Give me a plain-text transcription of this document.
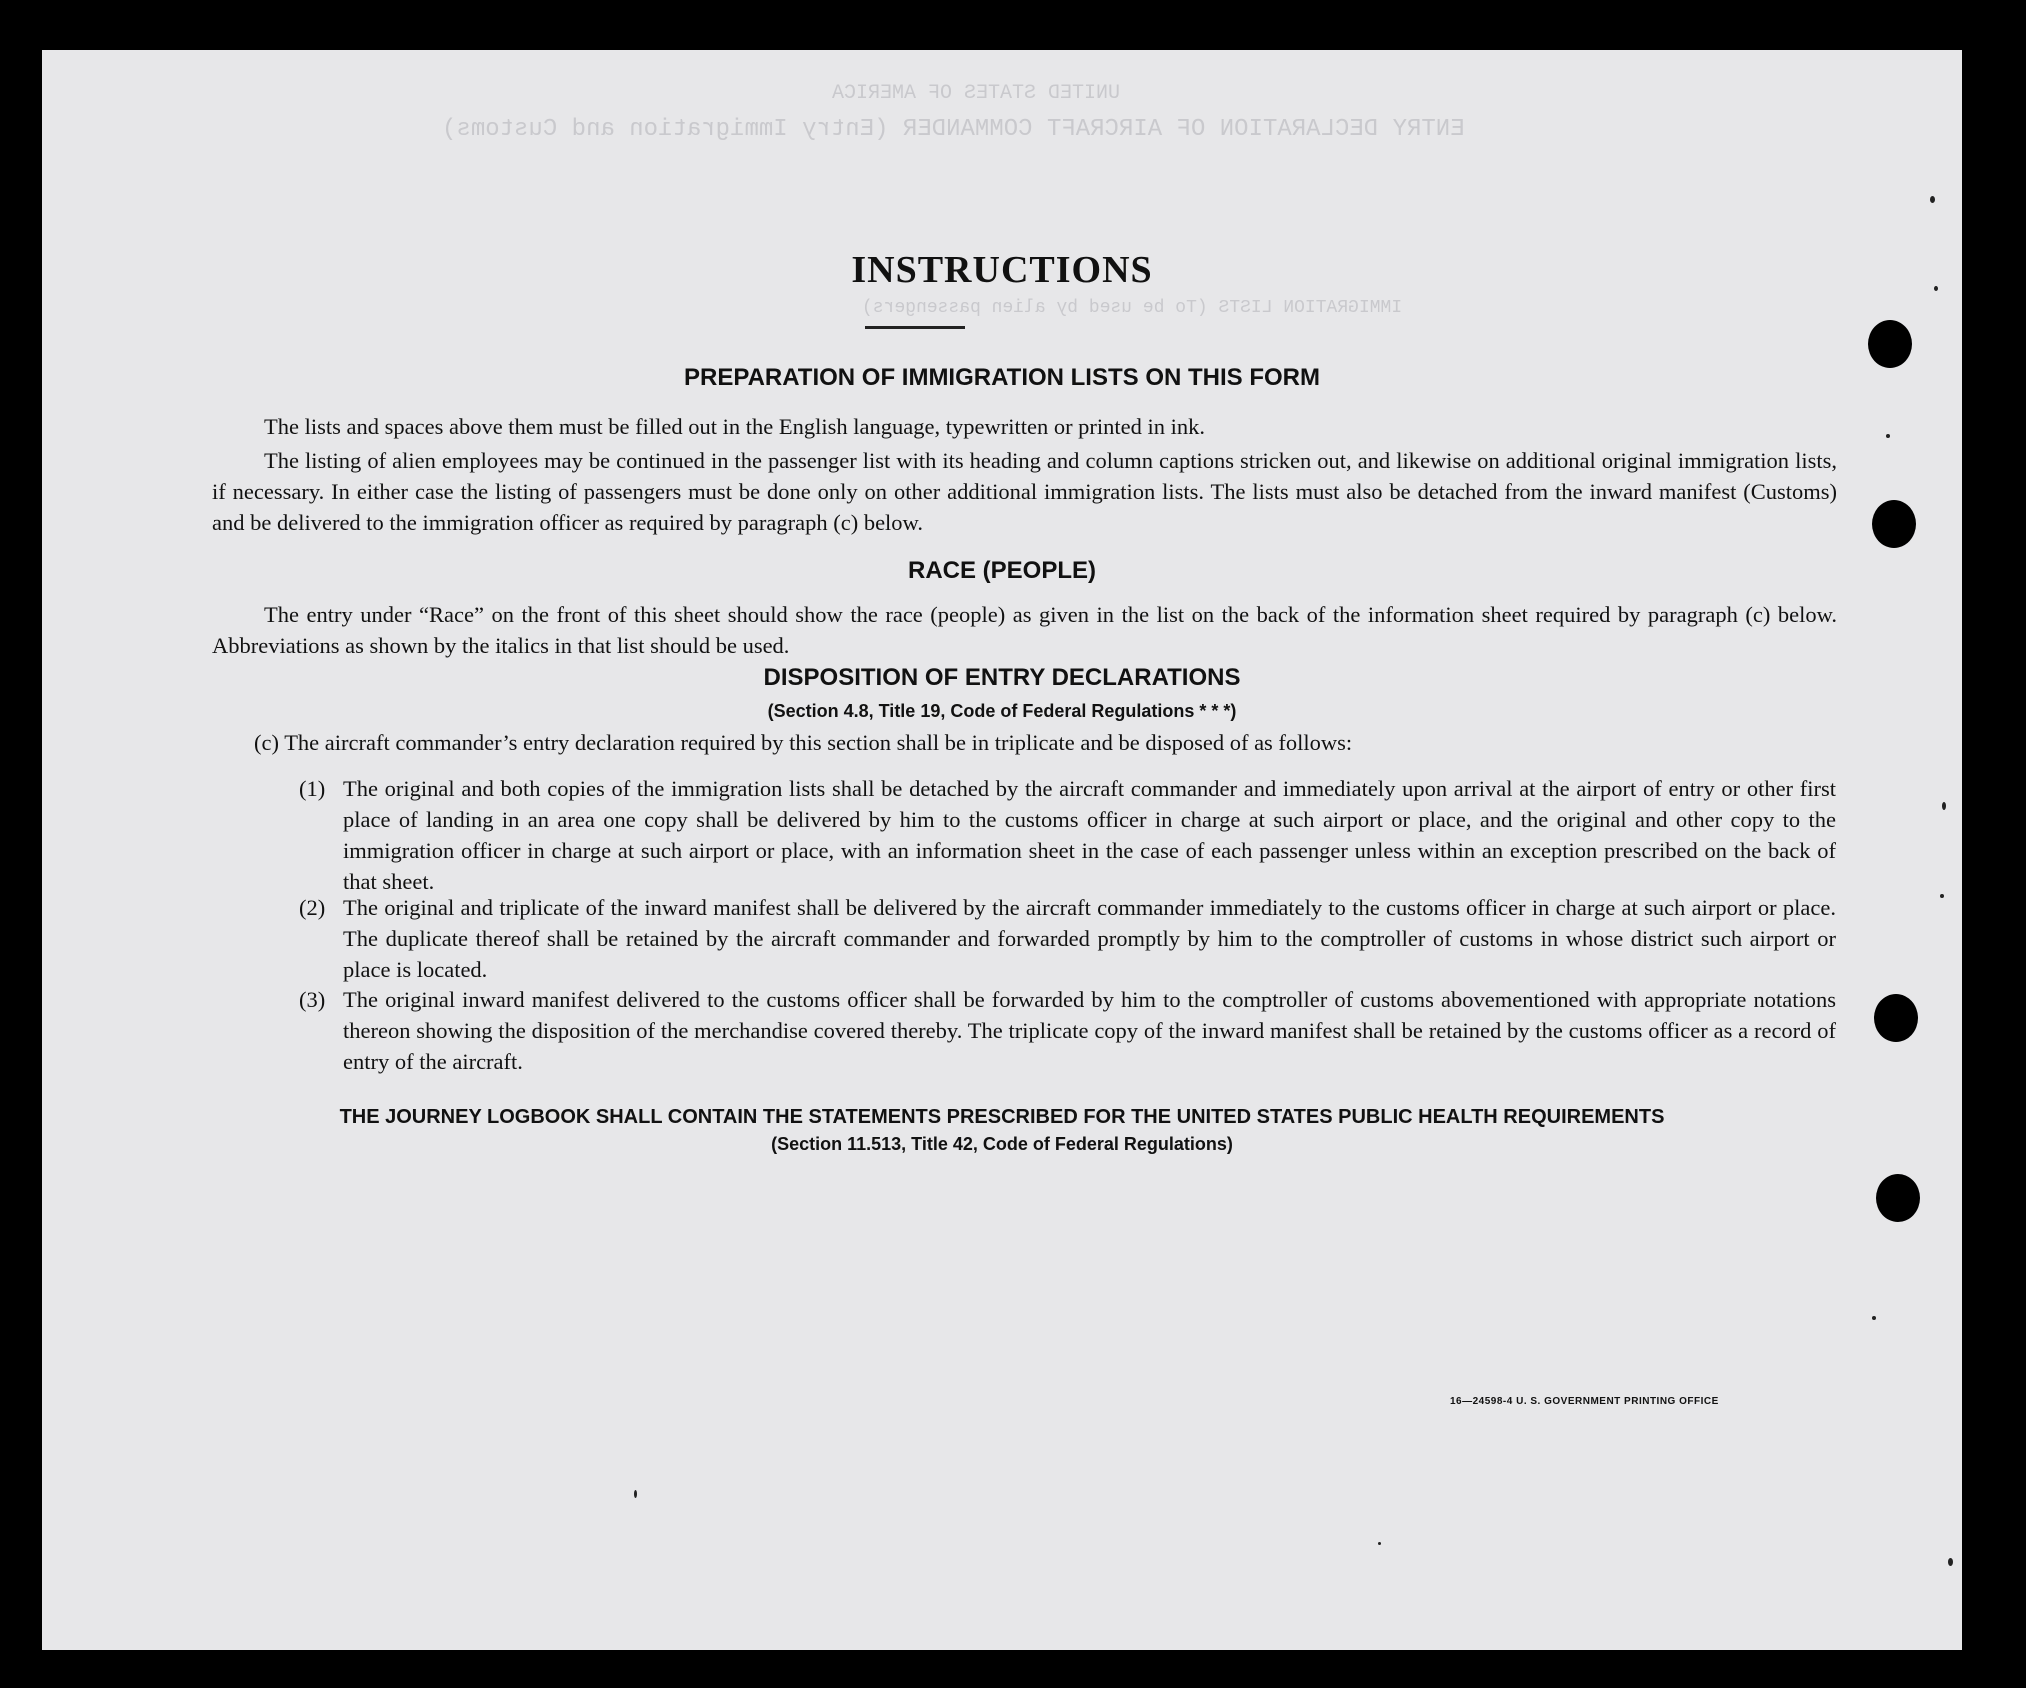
UNITED STATES OF AMERICA
ENTRY DECLARATION OF AIRCRAFT COMMANDER (Entry Immigration and Customs)
IMMIGRATION LISTS (To be used by alien passengers)
INSTRUCTIONS
PREPARATION OF IMMIGRATION LISTS ON THIS FORM
The lists and spaces above them must be filled out in the English language, typewritten or printed in ink.
The listing of alien employees may be continued in the passenger list with its heading and column captions stricken out, and likewise on additional original immigration lists, if necessary. In either case the listing of passengers must be done only on other additional immigration lists. The lists must also be detached from the inward manifest (Customs) and be delivered to the immigration officer as required by paragraph (c) below.
RACE (PEOPLE)
The entry under “Race” on the front of this sheet should show the race (people) as given in the list on the back of the information sheet required by paragraph (c) below. Abbreviations as shown by the italics in that list should be used.
DISPOSITION OF ENTRY DECLARATIONS
(Section 4.8, Title 19, Code of Federal Regulations * * *)
(c) The aircraft commander’s entry declaration required by this section shall be in triplicate and be disposed of as follows:
(1) The original and both copies of the immigration lists shall be detached by the aircraft commander and immediately upon arrival at the airport of entry or other first place of landing in an area one copy shall be delivered by him to the customs officer in charge at such airport or place, and the original and other copy to the immigration officer in charge at such airport or place, with an information sheet in the case of each passenger unless within an exception prescribed on the back of that sheet.
(2) The original and triplicate of the inward manifest shall be delivered by the aircraft commander immediately to the customs officer in charge at such airport or place. The duplicate thereof shall be retained by the aircraft commander and forwarded promptly by him to the comptroller of customs in whose district such airport or place is located.
(3) The original inward manifest delivered to the customs officer shall be forwarded by him to the comptroller of customs abovementioned with appropriate notations thereon showing the disposition of the merchandise covered thereby. The triplicate copy of the inward manifest shall be retained by the customs officer as a record of entry of the aircraft.
THE JOURNEY LOGBOOK SHALL CONTAIN THE STATEMENTS PRESCRIBED FOR THE UNITED STATES PUBLIC HEALTH REQUIREMENTS
(Section 11.513, Title 42, Code of Federal Regulations)
16—24598-4 U. S. GOVERNMENT PRINTING OFFICE
